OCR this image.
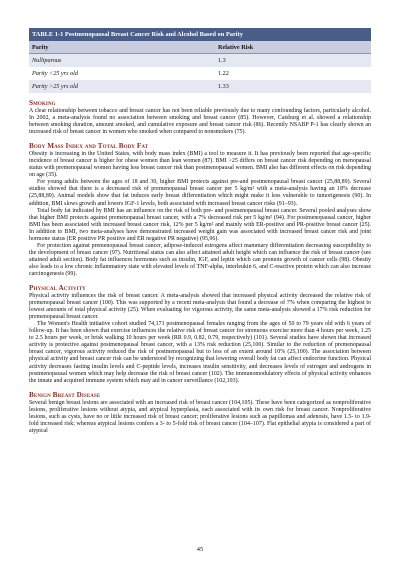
TABLE 1-1 Postmenopausal Breast Cancer Risk and Alcohol Based on Parity	
Parity	Relative Risk
Nulliparous	1.3
Parity <25 yrs old	1.22
Parity >25 yrs old	1.33
Smoking

A clear relationship between tobacco and breast cancer has not been reliable previously due to many confounding factors, particularly alcohol. In 2002, a meta-analysis found no association between smoking and breast cancer (85). However, Catsburg et al. showed a relationship between smoking duration, amount smoked, and cumulative exposure and breast cancer risk (86). Recently NSABP P-1 has clearly shown an increased risk of breast cancer in women who smoked when compared to nonsmokers (75).

Body Mass Index and Total Body Fat

Obesity is increasing in the United States, with body mass index (BMI) a tool to measure it. It has previously been reported that age-specific incidence of breast cancer is higher for obese women than lean women (87). BMI >25 differs on breast cancer risk depending on menopausal status with premenopausal women having less breast cancer risk than postmenopausal women. BMI also has different effects on risk depending on age (35).

For young adults between the ages of 18 and 30, higher BMI protects against pre-and postmenopausal breast cancer (25,88,89). Several studies showed that there is a decreased risk of premenopausal breast cancer per 5 kg/m² with a meta-analysis having an 18% decrease (25,88,89). Animal models show that fat induces early breast differentiation which might make it less vulnerable to tumorigenesis (90). In addition, BMI slows growth and lowers IGF-1 levels, both associated with increased breast cancer risks (91–93).

Total body fat indicated by BMI has an influence on the risk of both pre- and postmenopausal breast cancer. Several pooled analyses show that higher BMI protects against premenopausal breast cancer, with a 7% decreased risk per 5 kg/m² (94). For postmenopausal cancer, higher BMI has been associated with increased breast cancer risk, 12% per 5 kg/m² and mainly with ER-positive and PR-positive breast cancer (25). In addition to BMI, two meta-analyses have demonstrated increased weight gain was associated with increased breast cancer risk and joint hormone status (ER positive PR positive and ER negative PR negative) (95,96).

For protection against premenopausal breast cancer, adipose-induced estrogens affect mammary differentiation decreasing susceptibility to the development of breast cancer (97). Nutritional status can also affect attained adult height which can influence the risk of breast cancer (see attained adult section). Body fat influences hormones such as insulin, IGF, and leptin which can promote growth of cancer cells (98). Obesity also leads to a low chronic inflammatory state with elevated levels of TNF-alpha, interleukin 6, and C-reactive protein which can also increase carcinogenesis (99).

Physical Activity

Physical activity influences the risk of breast cancer. A meta-analysis showed that increased physical activity decreased the relative risk of premenopausal breast cancer (100). This was supported by a recent meta-analysis that found a decrease of 7% when comparing the highest to lowest amounts of total physical activity (25). When evaluating for vigorous activity, the same meta-analysis showed a 17% risk reduction for premenopausal breast cancer.

The Women's Health initiative cohort studied 74,171 postmenopausal females ranging from the ages of 50 to 79 years old with 6 years of follow-up. It has been shown that exercise influences the relative risk of breast cancer for strenuous exercise more than 4 hours per week, 1.25 to 2.5 hours per week, or brisk walking 10 hours per week (RR 0.9, 0.82, 0.79, respectively) (101). Several studies have shown that increased activity is protective against postmenopausal breast cancer, with a 13% risk reduction (25,100). Similar to the reduction of premenopausal breast cancer, vigorous activity reduced the risk of postmenopausal but to less of an extent around 10% (25,100). The association between physical activity and breast cancer risk can be understood by recognizing that lowering overall body fat can affect endocrine function. Physical activity decreases fasting insulin levels and C-peptide levels, increases insulin sensitivity, and decreases levels of estrogen and androgens in postmenopausal women which may help decrease the risk of breast cancer (102). The immunomodulatory effects of physical activity enhances the innate and acquired immune system which may aid in cancer surveillance (102,103).

Benign Breast Disease

Several benign breast lesions are associated with an increased risk of breast cancer (104,105). These have been categorized as nonproliferative lesions, proliferative lesions without atypia, and atypical hyperplasia, each associated with its own risk for breast cancer. Nonproliferative lesions, such as cysts, have no or little increased risk of breast cancer; proliferative lesions such as papillomas and adenosis, have 1.5- to 1.9-fold increased risk; whereas atypical lesions confers a 3- to 5-fold risk of breast cancer (104–107). Flat epithelial atypia is considered a part of atypical

45
